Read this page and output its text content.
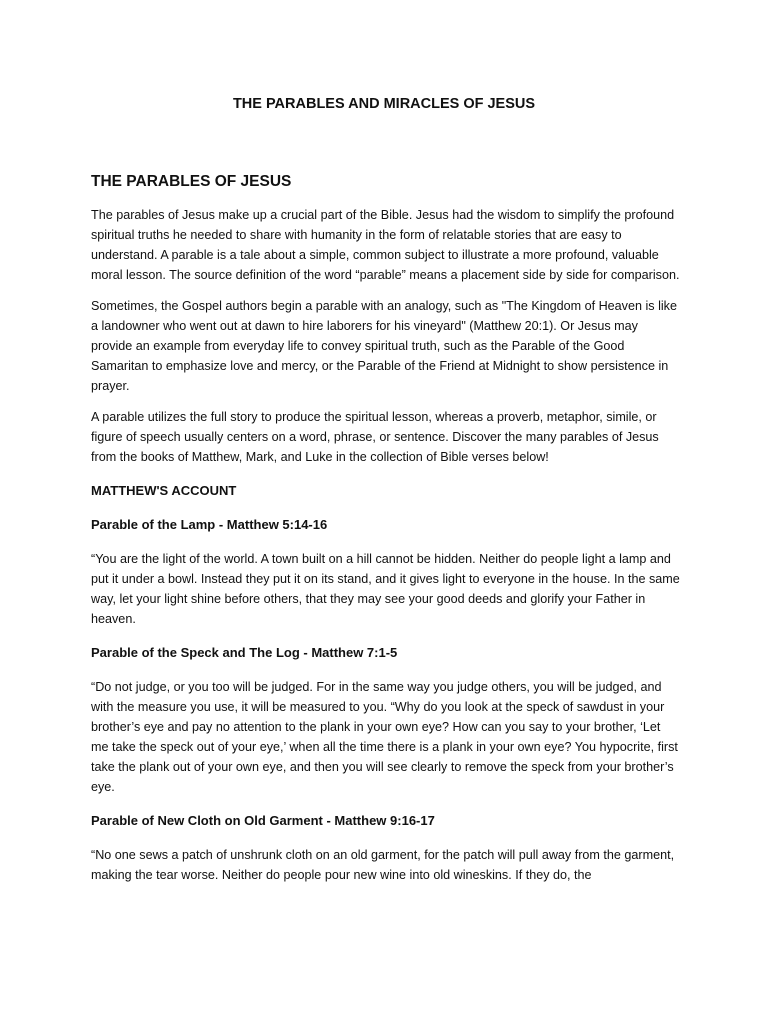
THE PARABLES AND MIRACLES OF JESUS
THE PARABLES OF JESUS

The parables of Jesus make up a crucial part of the Bible. Jesus had the wisdom to simplify the profound spiritual truths he needed to share with humanity in the form of relatable stories that are easy to understand. A parable is a tale about a simple, common subject to illustrate a more profound, valuable moral lesson. The source definition of the word “parable” means a placement side by side for comparison.

Sometimes, the Gospel authors begin a parable with an analogy, such as "The Kingdom of Heaven is like a landowner who went out at dawn to hire laborers for his vineyard" (Matthew 20:1). Or Jesus may provide an example from everyday life to convey spiritual truth, such as the Parable of the Good Samaritan to emphasize love and mercy, or the Parable of the Friend at Midnight to show persistence in prayer.

A parable utilizes the full story to produce the spiritual lesson, whereas a proverb, metaphor, simile, or figure of speech usually centers on a word, phrase, or sentence. Discover the many parables of Jesus from the books of Matthew, Mark, and Luke in the collection of Bible verses below!

MATTHEW'S ACCOUNT
Parable of the Lamp - Matthew 5:14-16

“You are the light of the world. A town built on a hill cannot be hidden. Neither do people light a lamp and put it under a bowl. Instead they put it on its stand, and it gives light to everyone in the house. In the same way, let your light shine before others, that they may see your good deeds and glorify your Father in heaven.

Parable of the Speck and The Log - Matthew 7:1-5

“Do not judge, or you too will be judged. For in the same way you judge others, you will be judged, and with the measure you use, it will be measured to you. “Why do you look at the speck of sawdust in your brother’s eye and pay no attention to the plank in your own eye? How can you say to your brother, ‘Let me take the speck out of your eye,’ when all the time there is a plank in your own eye? You hypocrite, first take the plank out of your own eye, and then you will see clearly to remove the speck from your brother’s eye.

Parable of New Cloth on Old Garment - Matthew 9:16-17

“No one sews a patch of unshrunk cloth on an old garment, for the patch will pull away from the garment, making the tear worse. Neither do people pour new wine into old wineskins. If they do, the
